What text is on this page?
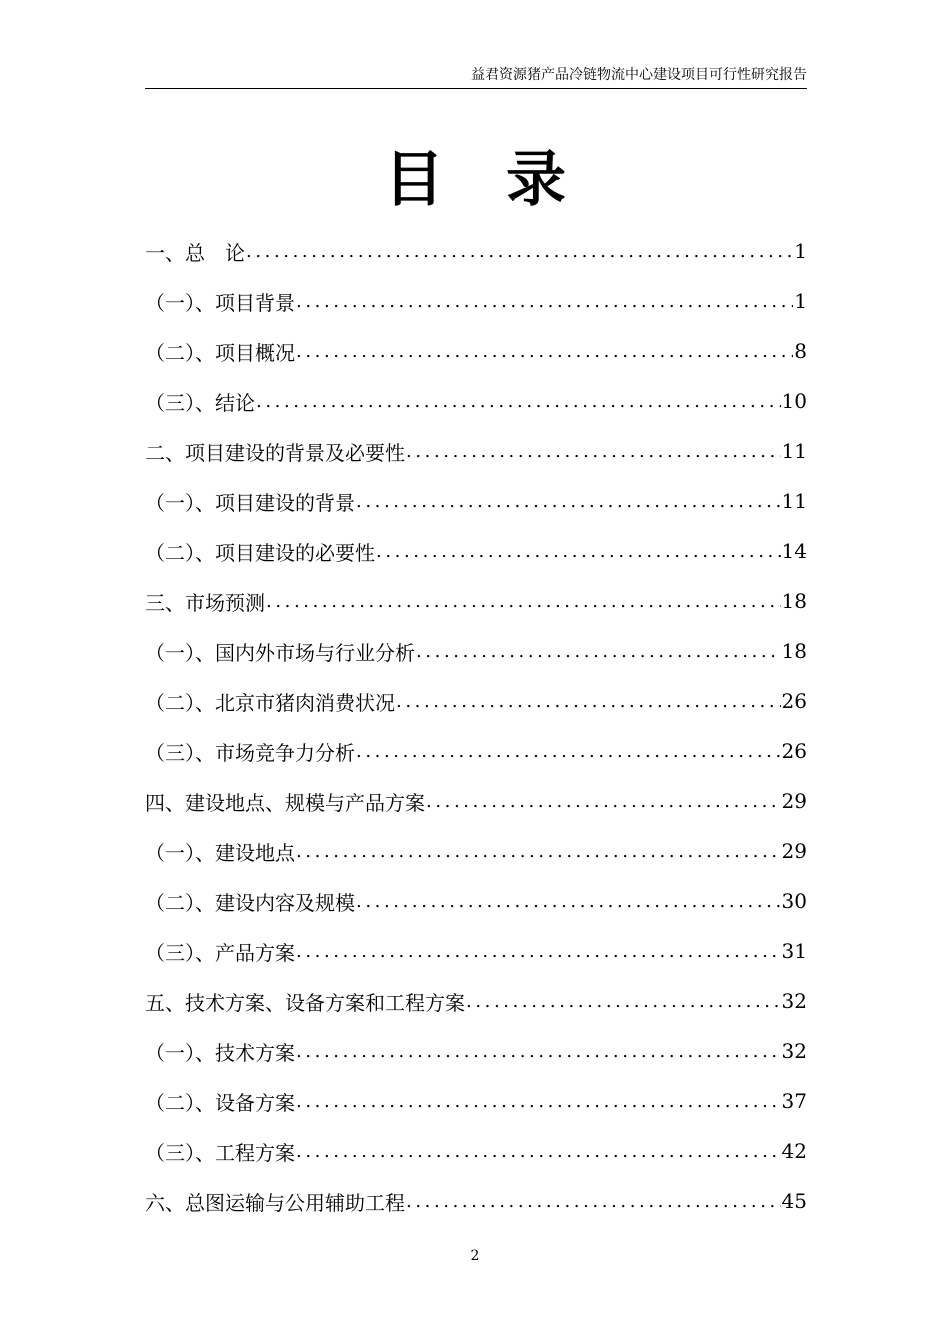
益君资源猪产品冷链物流中心建设项目可行性研究报告
目录
一、总　论 .....	1
（一）、项目背景 .....	1
（二）、项目概况 .....	8
（三）、结论 .....	10
二、项目建设的背景及必要性 .....	11
（一）、项目建设的背景 .....	11
（二）、项目建设的必要性 .....	14
三、市场预测 .....	18
（一）、国内外市场与行业分析 .....	18
（二）、北京市猪肉消费状况 .....	26
（三）、市场竞争力分析 .....	26
四、建设地点、规模与产品方案 .....	29
（一）、建设地点 .....	29
（二）、建设内容及规模 .....	30
（三）、产品方案 .....	31
五、技术方案、设备方案和工程方案 .....	32
（一）、技术方案 .....	32
（二）、设备方案 .....	37
（三）、工程方案 .....	42
六、总图运输与公用辅助工程 .....	45
2
